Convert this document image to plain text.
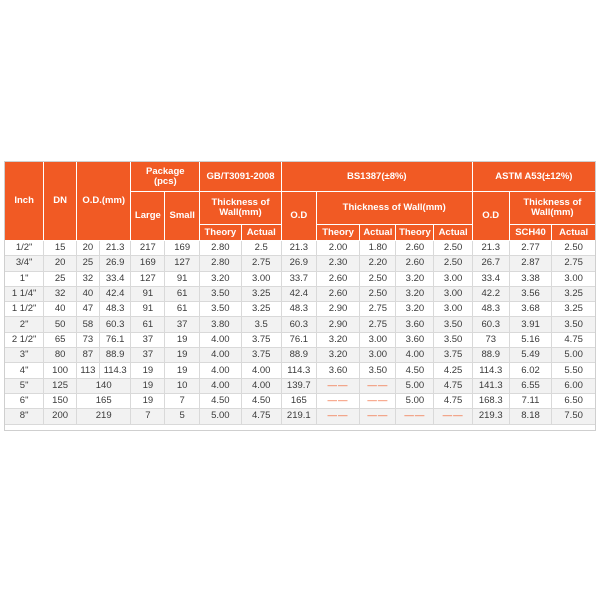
Inch	DN	O.D.(mm)		Package
(pcs)		GB/T3091-2008		BS1387(±8%)					ASTM A53(±12%)		
				Large	Small	Thickness of Wall(mm)		O.D	Thickness of Wall(mm)				O.D	Thickness of Wall(mm)	
						Theory	Actual		Theory	Actual	Theory	Actual		SCH40	Actual
1/2"	15	20	21.3	217	169	2.80	2.5	21.3	2.00	1.80	2.60	2.50	21.3	2.77	2.50
3/4"	20	25	26.9	169	127	2.80	2.75	26.9	2.30	2.20	2.60	2.50	26.7	2.87	2.75
1"	25	32	33.4	127	91	3.20	3.00	33.7	2.60	2.50	3.20	3.00	33.4	3.38	3.00
1 1/4"	32	40	42.4	91	61	3.50	3.25	42.4	2.60	2.50	3.20	3.00	42.2	3.56	3.25
1 1/2"	40	47	48.3	91	61	3.50	3.25	48.3	2.90	2.75	3.20	3.00	48.3	3.68	3.25
2"	50	58	60.3	61	37	3.80	3.5	60.3	2.90	2.75	3.60	3.50	60.3	3.91	3.50
2 1/2"	65	73	76.1	37	19	4.00	3.75	76.1	3.20	3.00	3.60	3.50	73	5.16	4.75
3"	80	87	88.9	37	19	4.00	3.75	88.9	3.20	3.00	4.00	3.75	88.9	5.49	5.00
4"	100	113	114.3	19	19	4.00	4.00	114.3	3.60	3.50	4.50	4.25	114.3	6.02	5.50
5"	125	140		19	10	4.00	4.00	139.7	——	——	5.00	4.75	141.3	6.55	6.00
6"	150	165		19	7	4.50	4.50	165	——	——	5.00	4.75	168.3	7.11	6.50
8"	200	219		7	5	5.00	4.75	219.1	——	——	——	——	219.3	8.18	7.50
